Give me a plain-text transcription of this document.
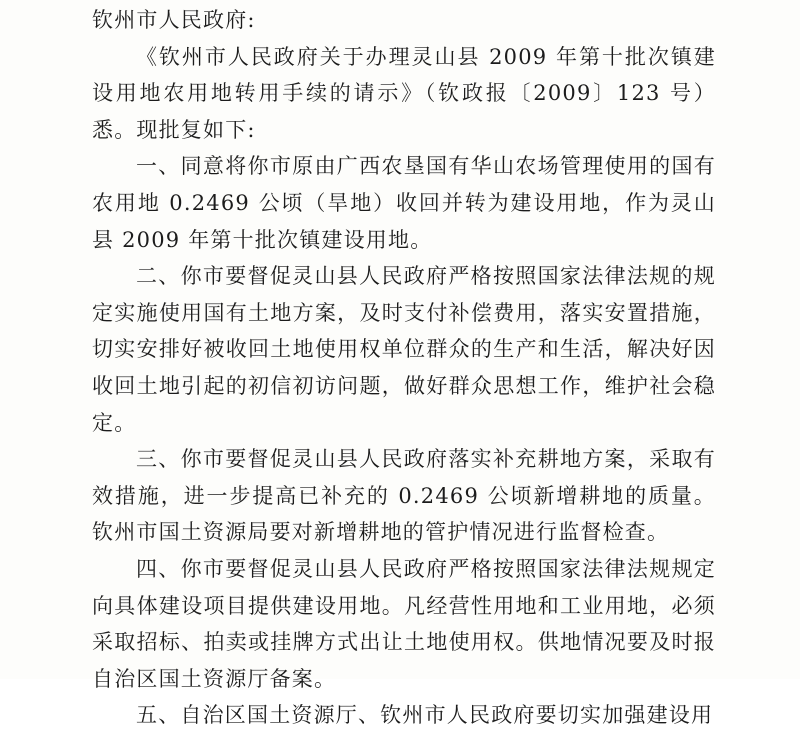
钦州市人民政府:

《钦州市人民政府关于办理灵山县 2009 年第十批次镇建设用地农用地转用手续的请示》（钦政报〔2009〕123 号）悉。现批复如下:

一、同意将你市原由广西农垦国有华山农场管理使用的国有农用地 0.2469 公顷（旱地）收回并转为建设用地，作为灵山县 2009 年第十批次镇建设用地。

二、你市要督促灵山县人民政府严格按照国家法律法规的规定实施使用国有土地方案，及时支付补偿费用，落实安置措施，切实安排好被收回土地使用权单位群众的生产和生活，解决好因收回土地引起的初信初访问题，做好群众思想工作，维护社会稳定。

三、你市要督促灵山县人民政府落实补充耕地方案，采取有效措施，进一步提高已补充的 0.2469 公顷新增耕地的质量。钦州市国土资源局要对新增耕地的管护情况进行监督检查。

四、你市要督促灵山县人民政府严格按照国家法律法规规定向具体建设项目提供建设用地。凡经营性用地和工业用地，必须采取招标、拍卖或挂牌方式出让土地使用权。供地情况要及时报自治区国土资源厅备案。

五、自治区国土资源厅、钦州市人民政府要切实加强建设用
